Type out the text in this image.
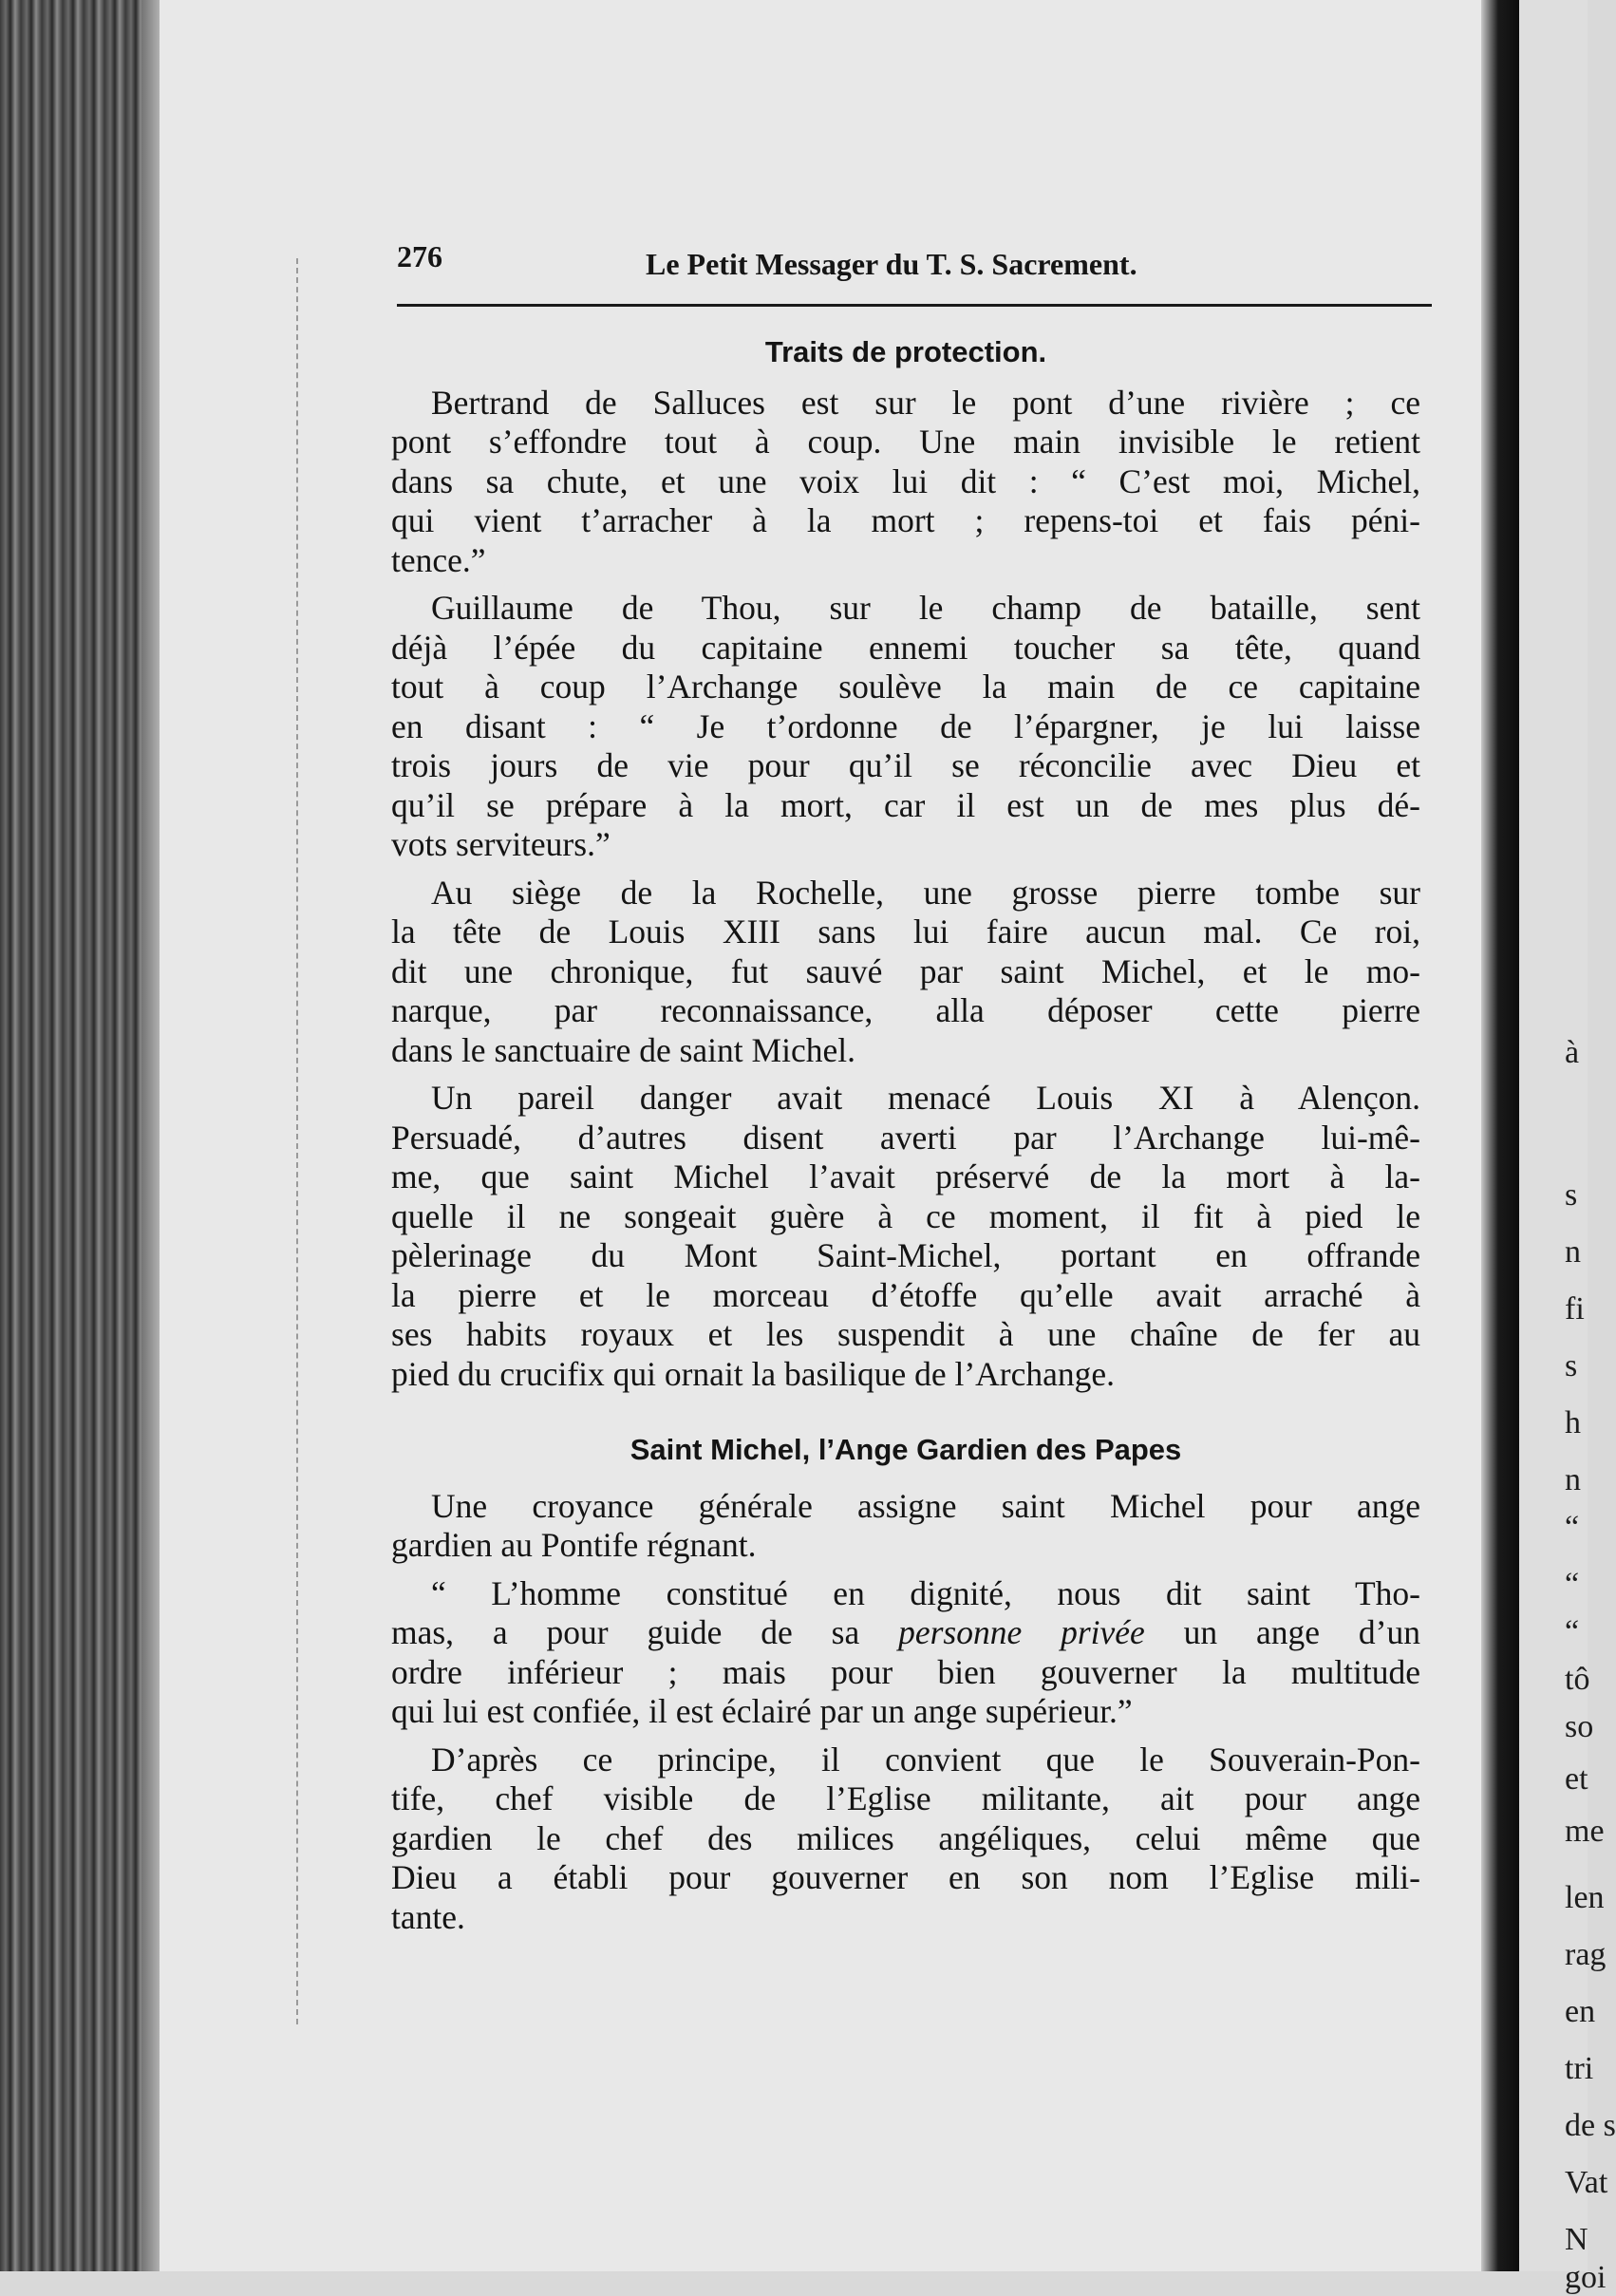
276	Le Petit Messager du T. S. Sacrement.
Traits de protection.
Bertrand de Salluces est sur le pont d’une rivière ; ce
pont s’effondre tout à coup. Une main invisible le retient
dans sa chute, et une voix lui dit : “ C’est moi, Michel,
qui vient t’arracher à la mort ; repens-toi et fais péni-
tence.”
Guillaume de Thou, sur le champ de bataille, sent
déjà l’épée du capitaine ennemi toucher sa tête, quand
tout à coup l’Archange soulève la main de ce capitaine
en disant : “ Je t’ordonne de l’épargner, je lui laisse
trois jours de vie pour qu’il se réconcilie avec Dieu et
qu’il se prépare à la mort, car il est un de mes plus dé-
vots serviteurs.”
Au siège de la Rochelle, une grosse pierre tombe sur
la tête de Louis XIII sans lui faire aucun mal. Ce roi,
dit une chronique, fut sauvé par saint Michel, et le mo-
narque, par reconnaissance, alla déposer cette pierre
dans le sanctuaire de saint Michel.
Un pareil danger avait menacé Louis XI à Alençon.
Persuadé, d’autres disent averti par l’Archange lui-mê-
me, que saint Michel l’avait préservé de la mort à la-
quelle il ne songeait guère à ce moment, il fit à pied le
pèlerinage du Mont Saint-Michel, portant en offrande
la pierre et le morceau d’étoffe qu’elle avait arraché à
ses habits royaux et les suspendit à une chaîne de fer au
pied du crucifix qui ornait la basilique de l’Archange.
Saint Michel, l’Ange Gardien des Papes
Une croyance générale assigne saint Michel pour ange
gardien au Pontife régnant.
“ L’homme constitué en dignité, nous dit saint Tho-
mas, a pour guide de sa personne privée un ange d’un
ordre inférieur ; mais pour bien gouverner la multitude
qui lui est confiée, il est éclairé par un ange supérieur.”
D’après ce principe, il convient que le Souverain-Pon-
tife, chef visible de l’Eglise militante, ait pour ange
gardien le chef des milices angéliques, celui même que
Dieu a établi pour gouverner en son nom l’Eglise mili-
tante.
à
s
n
fi
s
h
n
“
“
“
tô
so
et
me
len
rag
en
tri
de s
Vat
N
goi
